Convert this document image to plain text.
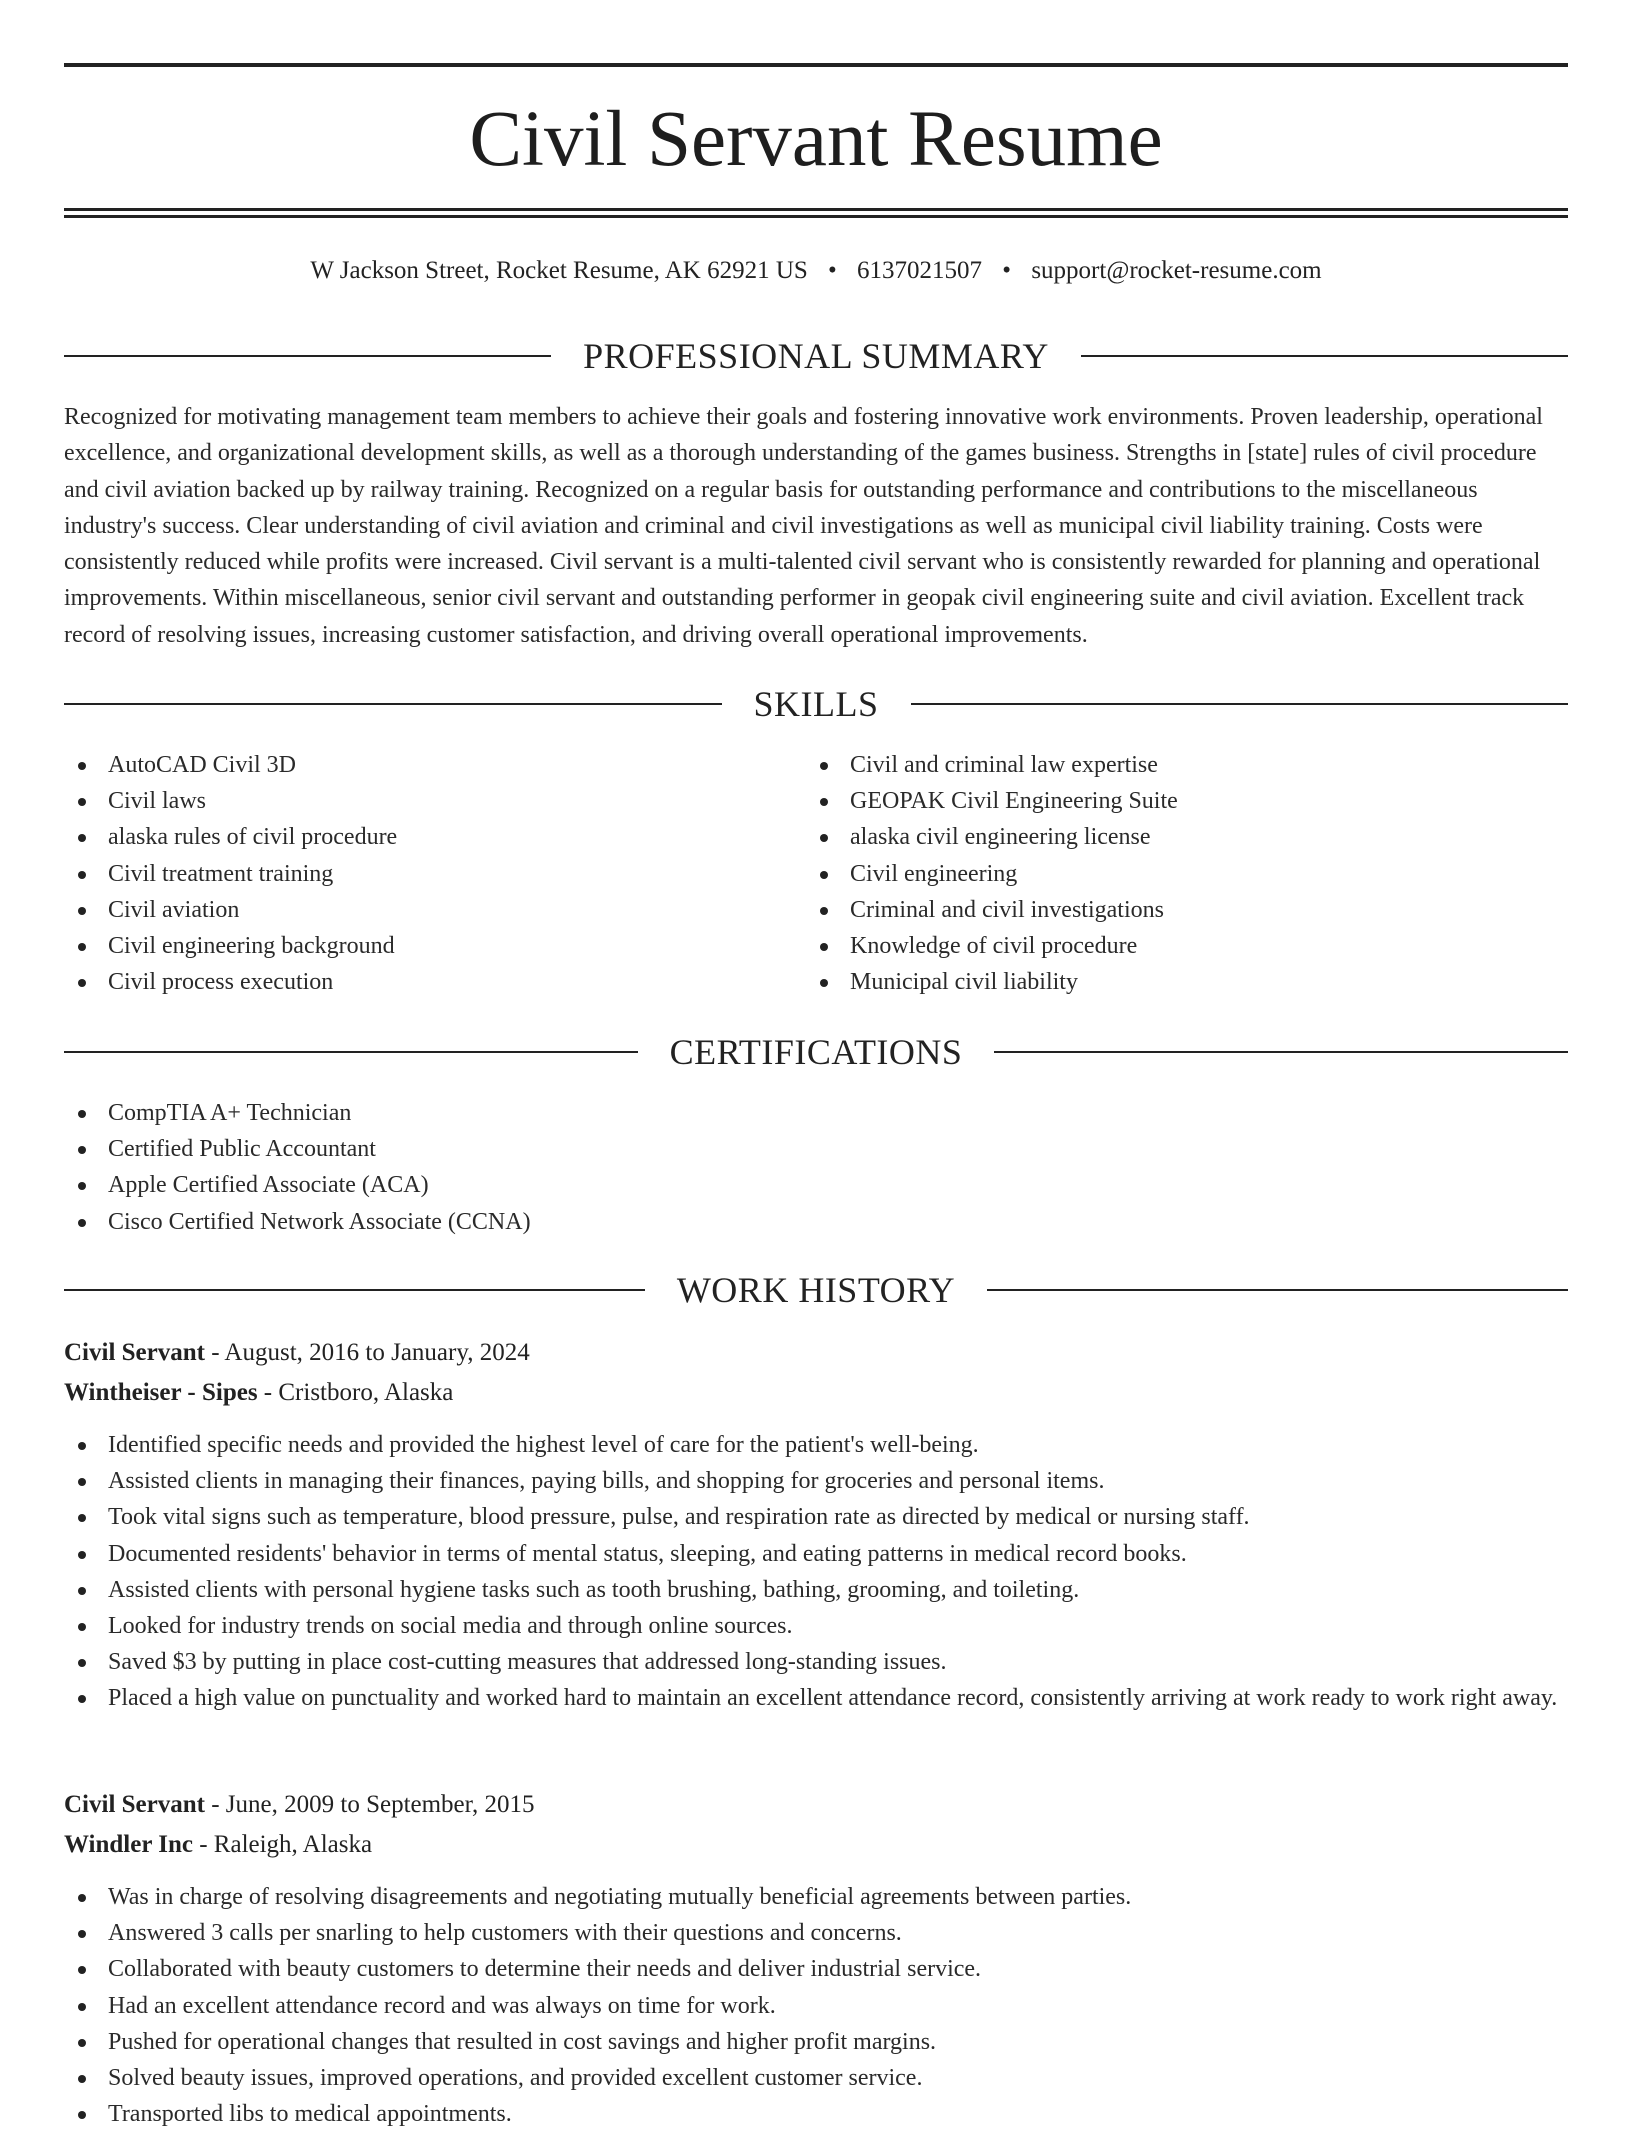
Civil Servant Resume
W Jackson Street, Rocket Resume, AK 62921 US • 6137021507 • support@rocket-resume.com
PROFESSIONAL SUMMARY

Recognized for motivating management team members to achieve their goals and fostering innovative work environments. Proven leadership, operational excellence, and organizational development skills, as well as a thorough understanding of the games business. Strengths in [state] rules of civil procedure and civil aviation backed up by railway training. Recognized on a regular basis for outstanding performance and contributions to the miscellaneous industry's success. Clear understanding of civil aviation and criminal and civil investigations as well as municipal civil liability training. Costs were consistently reduced while profits were increased. Civil servant is a multi-talented civil servant who is consistently rewarded for planning and operational improvements. Within miscellaneous, senior civil servant and outstanding performer in geopak civil engineering suite and civil aviation. Excellent track record of resolving issues, increasing customer satisfaction, and driving overall operational improvements.

SKILLS
AutoCAD Civil 3D
Civil laws
alaska rules of civil procedure
Civil treatment training
Civil aviation
Civil engineering background
Civil process execution
Civil and criminal law expertise
GEOPAK Civil Engineering Suite
alaska civil engineering license
Civil engineering
Criminal and civil investigations
Knowledge of civil procedure
Municipal civil liability
CERTIFICATIONS
CompTIA A+ Technician
Certified Public Accountant
Apple Certified Associate (ACA)
Cisco Certified Network Associate (CCNA)
WORK HISTORY
Civil Servant - August, 2016 to January, 2024
Wintheiser - Sipes - Cristboro, Alaska
Identified specific needs and provided the highest level of care for the patient's well-being.
Assisted clients in managing their finances, paying bills, and shopping for groceries and personal items.
Took vital signs such as temperature, blood pressure, pulse, and respiration rate as directed by medical or nursing staff.
Documented residents' behavior in terms of mental status, sleeping, and eating patterns in medical record books.
Assisted clients with personal hygiene tasks such as tooth brushing, bathing, grooming, and toileting.
Looked for industry trends on social media and through online sources.
Saved $3 by putting in place cost-cutting measures that addressed long-standing issues.
Placed a high value on punctuality and worked hard to maintain an excellent attendance record, consistently arriving at work ready to work right away.
Civil Servant - June, 2009 to September, 2015
Windler Inc - Raleigh, Alaska
Was in charge of resolving disagreements and negotiating mutually beneficial agreements between parties.
Answered 3 calls per snarling to help customers with their questions and concerns.
Collaborated with beauty customers to determine their needs and deliver industrial service.
Had an excellent attendance record and was always on time for work.
Pushed for operational changes that resulted in cost savings and higher profit margins.
Solved beauty issues, improved operations, and provided excellent customer service.
Transported libs to medical appointments.
